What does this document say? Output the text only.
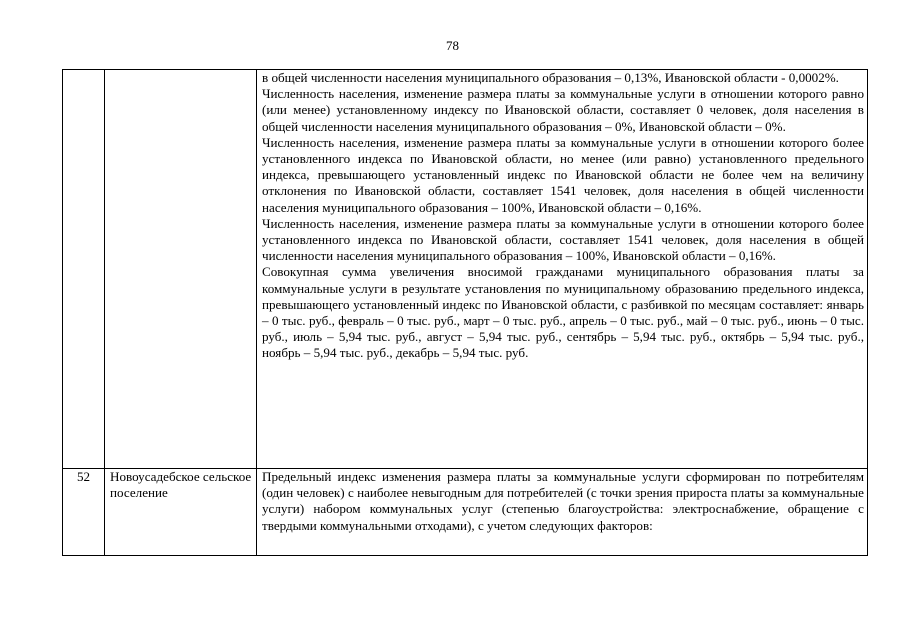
78

		в общей численности населения муниципального образования – 0,13%, Ивановской области - 0,0002%.

Численность населения, изменение размера платы за коммунальные услуги в отношении которого равно (или менее) установленному индексу по Ивановской области, составляет 0 человек, доля населения в общей численности населения муниципального образования – 0%, Ивановской области – 0%.

Численность населения, изменение размера платы за коммунальные услуги в отношении которого более установленного индекса по Ивановской области, но менее (или равно) установленного предельного индекса, превышающего установленный индекс по Ивановской области не более чем на величину отклонения по Ивановской области, составляет 1541 человек, доля населения в общей численности населения муниципального образования – 100%, Ивановской области – 0,16%.

Численность населения, изменение размера платы за коммунальные услуги в отношении которого более установленного индекса по Ивановской области, составляет 1541 человек, доля населения в общей численности населения муниципального образования – 100%, Ивановской области – 0,16%.

Совокупная сумма увеличения вносимой гражданами муниципального образования платы за коммунальные услуги в результате установления по муниципальному образованию предельного индекса, превышающего установленный индекс по Ивановской области, с разбивкой по месяцам составляет: январь – 0 тыс. руб., февраль – 0 тыс. руб., март – 0 тыс. руб., апрель – 0 тыс. руб., май – 0 тыс. руб., июнь – 0 тыс. руб., июль – 5,94 тыс. руб., август – 5,94 тыс. руб., сентябрь – 5,94 тыс. руб., октябрь – 5,94 тыс. руб., ноябрь – 5,94 тыс. руб., декабрь – 5,94 тыс. руб.

52	Новоусадебское сельское поселение	Предельный индекс изменения размера платы за коммунальные услуги сформирован по потребителям (один человек) с наиболее невыгодным для потребителей (с точки зрения прироста платы за коммунальные услуги) набором коммунальных услуг (степенью благоустройства: электроснабжение, обращение с твердыми коммунальными отходами), с учетом следующих факторов:
